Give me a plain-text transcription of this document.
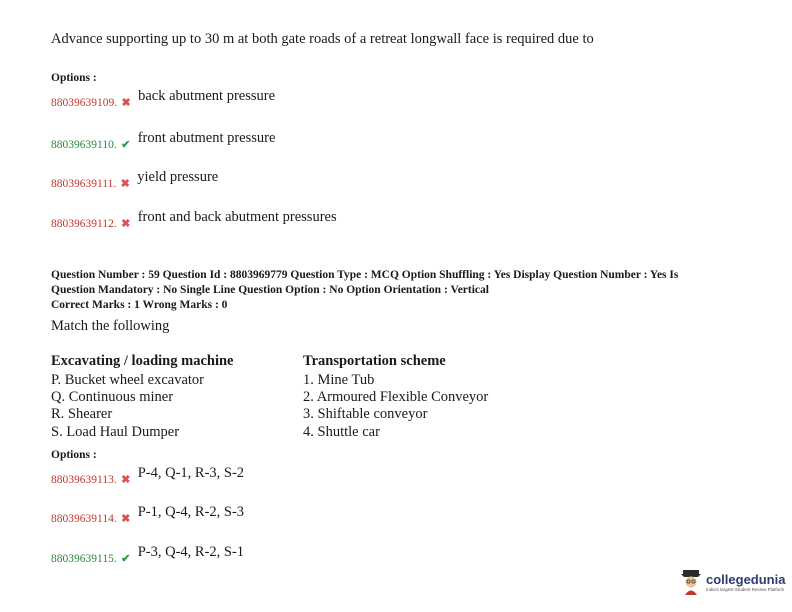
Advance supporting up to 30 m at both gate roads of a retreat longwall face is required due to
Options :
88039639109. ✖ back abutment pressure
88039639110. ✔ front abutment pressure
88039639111. ✖ yield pressure
88039639112. ✖ front and back abutment pressures
Question Number : 59 Question Id : 8803969779 Question Type : MCQ Option Shuffling : Yes Display Question Number : Yes Is
Question Mandatory : No Single Line Question Option : No Option Orientation : Vertical
Correct Marks : 1 Wrong Marks : 0
Match the following
Excavating / loading machine
P. Bucket wheel excavator
Q. Continuous miner
R. Shearer
S. Load Haul Dumper
Transportation scheme
1. Mine Tub
2. Armoured Flexible Conveyor
3. Shiftable conveyor
4. Shuttle car
Options :
88039639113. ✖ P-4, Q-1, R-3, S-2
88039639114. ✖ P-1, Q-4, R-2, S-3
88039639115. ✔ P-3, Q-4, R-2, S-1
collegedunia
India's largest Student Review Platform
